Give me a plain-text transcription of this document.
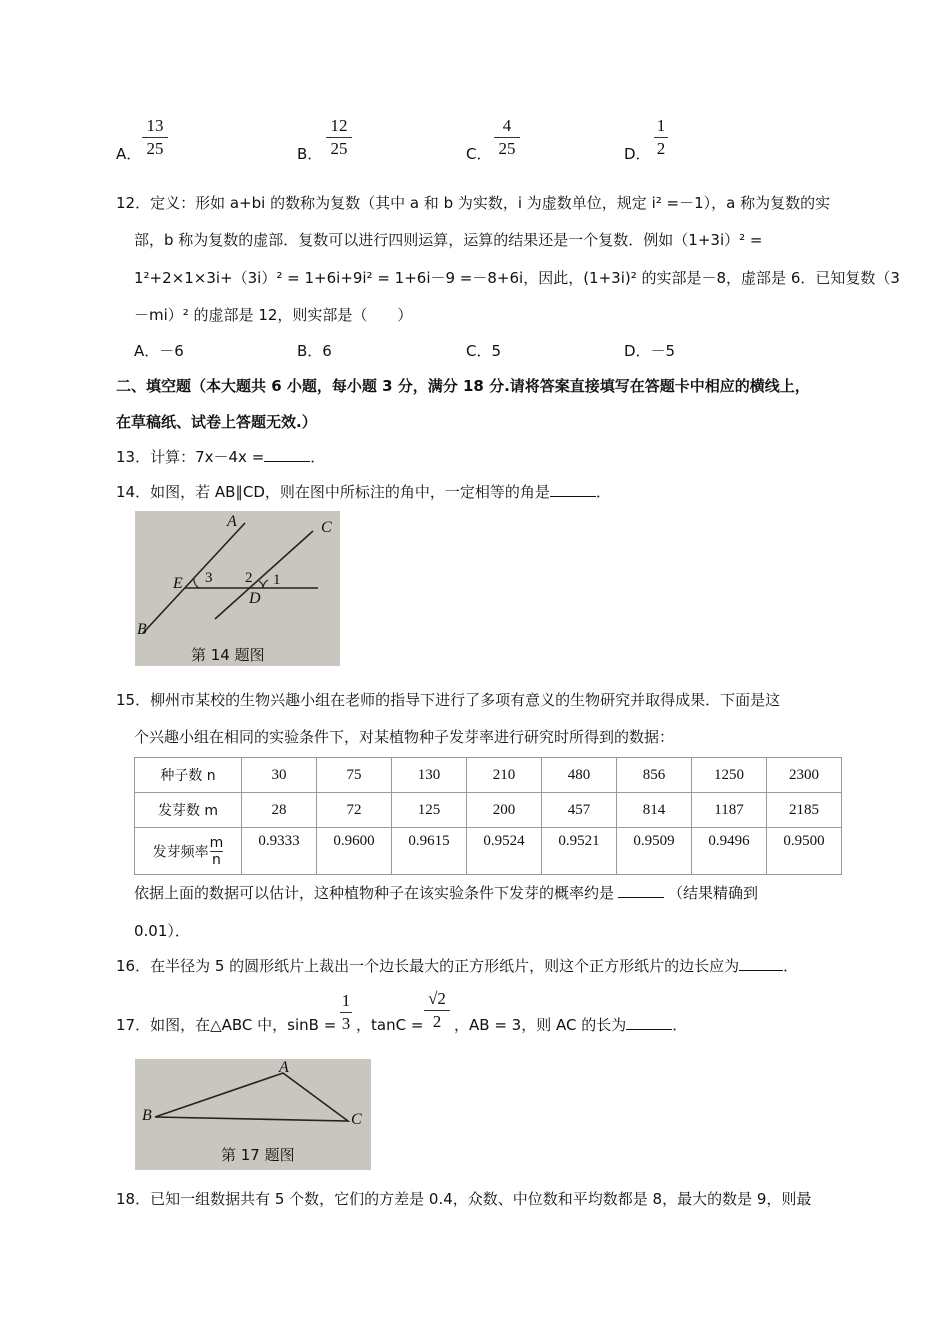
A．
13
25	B．
12
25	C．
4
25	D．
1
2
12．定义：形如 a+bi 的数称为复数（其中 a 和 b 为实数，i 为虚数单位，规定 i² =－1），a 称为复数的实
部，b 称为复数的虚部．复数可以进行四则运算，运算的结果还是一个复数．例如（1+3i）² =
1²+2×1×3i+（3i）² = 1+6i+9i² = 1+6i－9 =－8+6i，因此，(1+3i)² 的实部是－8，虚部是 6．已知复数（3
－mi）² 的虚部是 12，则实部是（　　）
A．－6	B．6	C．5	D．－5
二、填空题（本大题共 6 小题，每小题 3 分，满分 18 分.请将答案直接填写在答题卡中相应的横线上，
在草稿纸、试卷上答题无效.）
13．计算：7x－4x =	．
14．如图，若 AB∥CD，则在图中所标注的角中，一定相等的角是	．
A	C
E 3 2 1
D
B
第 14 题图
15．柳州市某校的生物兴趣小组在老师的指导下进行了多项有意义的生物研究并取得成果．下面是这
个兴趣小组在相同的实验条件下，对某植物种子发芽率进行研究时所得到的数据：
种子数 n	30	75	130	210	480	856	1250	2300
发芽数 m	28	72	125	200	457	814	1187	2185
发芽频率 $\frac{m}{n}$	0.9333	0.9600	0.9615	0.9524	0.9521	0.9509	0.9496	0.9500
依据上面的数据可以估计，这种植物种子在该实验条件下发芽的概率约是	（结果精确到
0.01）．
16．在半径为 5 的圆形纸片上裁出一个边长最大的正方形纸片，则这个正方形纸片的边长应为	．
17．如图，在△ABC 中，sinB =
1
3 ，tanC =
√2
2 ，AB = 3，则 AC 的长为	．
A
B	C
第 17 题图
18．已知一组数据共有 5 个数，它们的方差是 0.4，众数、中位数和平均数都是 8，最大的数是 9，则最
